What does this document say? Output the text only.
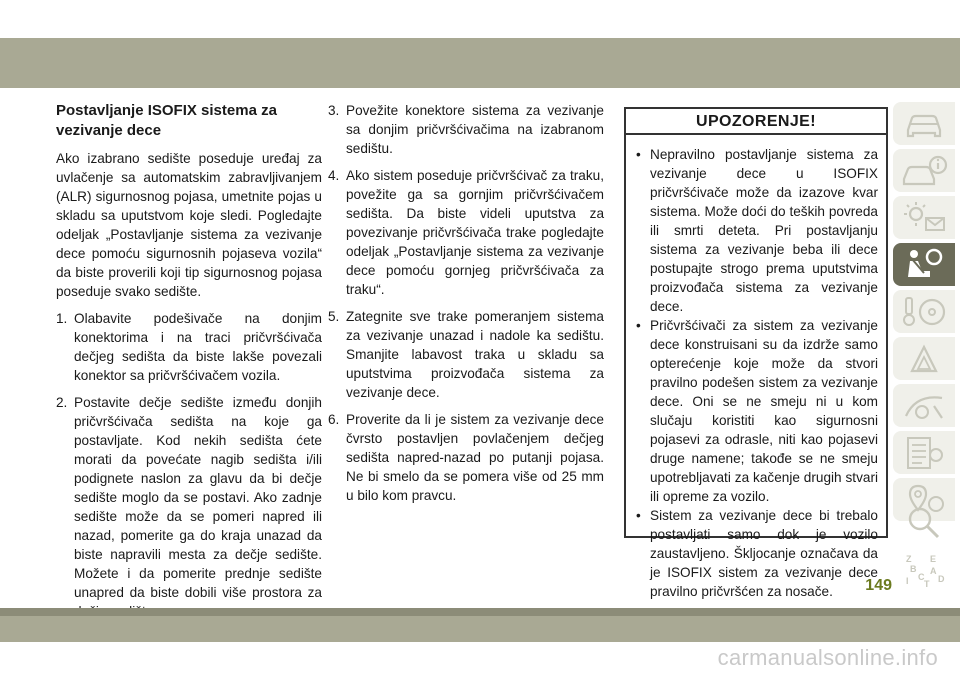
Postavljanje ISOFIX sistema za vezivanje dece

Ako izabrano sedište poseduje uređaj za uvlačenje sa automatskim zabravljivanjem (ALR) sigurnosnog pojasa, umetnite pojas u skladu sa uputstvom koje sledi. Pogledajte odeljak „Postavljanje sistema za vezivanje dece pomoću sigurnosnih pojaseva vozila“ da biste proverili koji tip sigurnosnog pojasa poseduje svako sedište.

1. Olabavite podešivače na donjim konektorima i na traci pričvršćivača dečjeg sedišta da biste lakše povezali konektor sa pričvršćivačem vozila.
2. Postavite dečje sedište između donjih pričvršćivača sedišta na koje ga postavljate. Kod nekih sedišta ćete morati da povećate nagib sedišta i/ili podignete naslon za glavu da bi dečje sedište moglo da se postavi. Ako zadnje sedište može da se pomeri napred ili nazad, pomerite ga do kraja unazad da biste napravili mesta za dečje sedište. Možete i da pomerite prednje sedište unapred da biste dobili više prostora za
3. Povežite konektore sistema za vezivanje sa donjim pričvršćivačima na izabranom sedištu.
4. Ako sistem poseduje pričvršćivač za traku, povežite ga sa gornjim pričvršćivačem sedišta. Da biste videli uputstva za povezivanje pričvršćivača trake pogledajte odeljak „Postavljanje sistema za vezivanje dece pomoću gornjeg pričvršćivača za traku“.
5. Zategnite sve trake pomeranjem sistema za vezivanje unazad i nadole ka sedištu. Smanjite labavost traka u skladu sa uputstvima proizvođača sistema za vezivanje dece.
6. Proverite da li je sistem za vezivanje dece čvrsto postavljen povlačenjem dečjeg sedišta napred-nazad po putanji pojasa. Ne bi smelo da se pomera više od 25 mm u bilo kom pravcu.
UPOZORENJE!
• Nepravilno postavljanje sistema za vezivanje dece u ISOFIX pričvršćivače može da izazove kvar sistema. Može doći do teških povreda ili smrti deteta. Pri postavljanju sistema za vezivanje beba ili dece postupajte strogo prema uputstvima proizvođača sistema za vezivanje dece.
• Pričvršćivači za sistem za vezivanje dece konstruisani su da izdrže samo opterećenje koje može da stvori pravilno podešen sistem za vezivanje dece. Oni se ne smeju ni u kom slučaju koristiti kao sigurnosni pojasevi za odrasle, niti kao pojasevi druge namene; takođe se ne smeju upotrebljavati za kačenje drugih stvari ili opreme za vozilo.
• Sistem za vezivanje dece bi trebalo postavljati samo dok je vozilo zaustavljeno. Šklјocanje označava da je ISOFIX sistem za vezivanje dece pravilno pričvršćen za nosače.
Z E
B A
C
I	D
T
149
carmanualsonline.info
